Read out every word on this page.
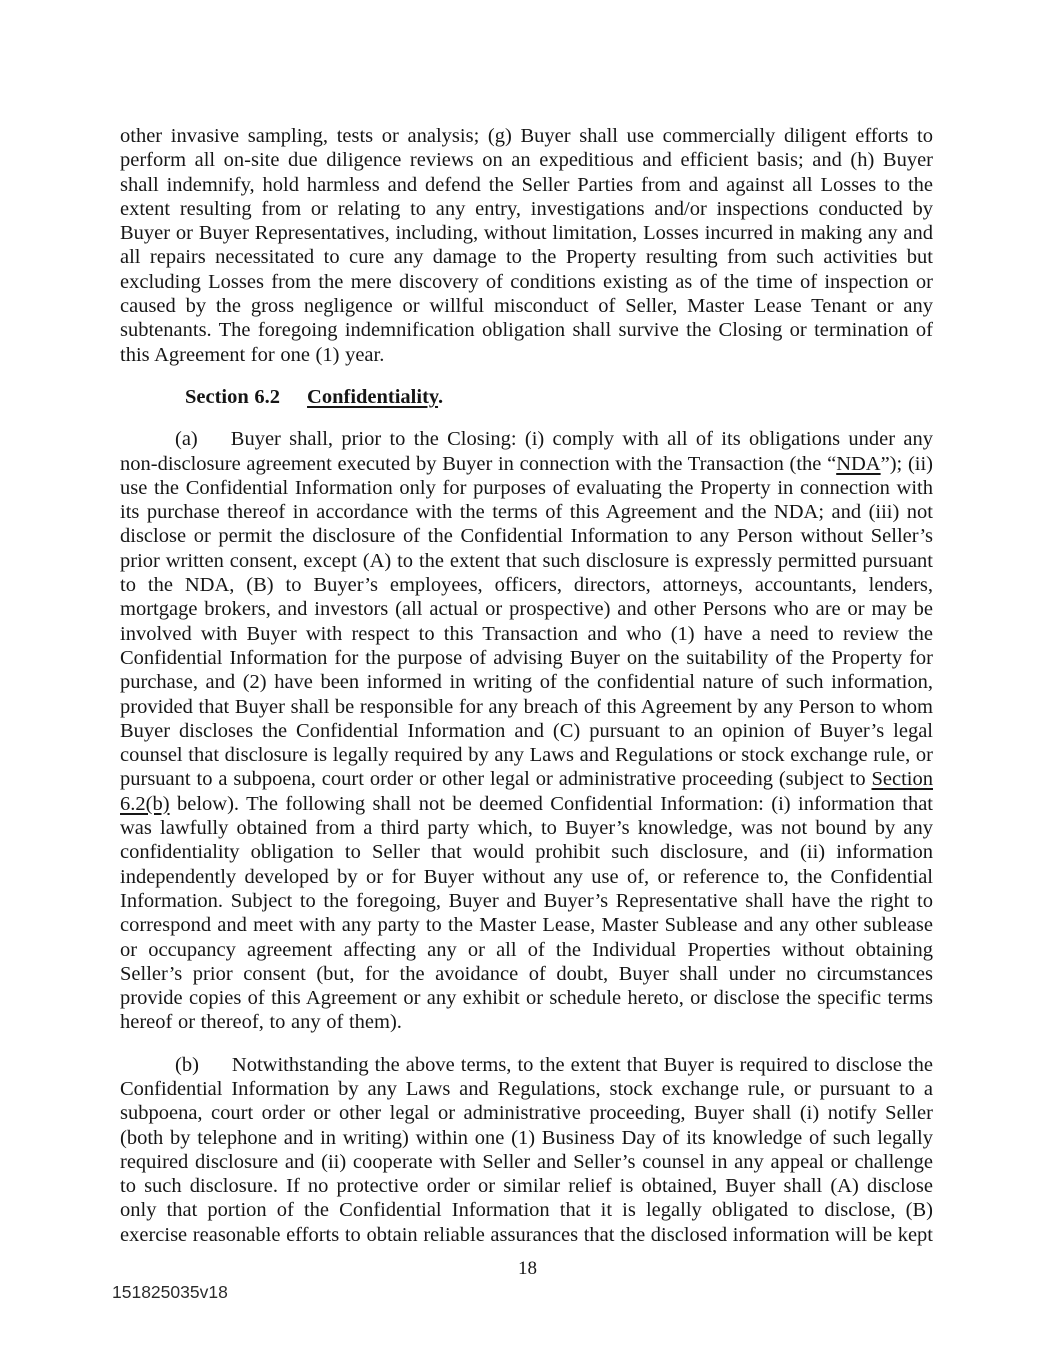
other invasive sampling, tests or analysis; (g) Buyer shall use commercially diligent efforts to perform all on-site due diligence reviews on an expeditious and efficient basis; and (h) Buyer shall indemnify, hold harmless and defend the Seller Parties from and against all Losses to the extent resulting from or relating to any entry, investigations and/or inspections conducted by Buyer or Buyer Representatives, including, without limitation, Losses incurred in making any and all repairs necessitated to cure any damage to the Property resulting from such activities but excluding Losses from the mere discovery of conditions existing as of the time of inspection or caused by the gross negligence or willful misconduct of Seller, Master Lease Tenant or any subtenants. The foregoing indemnification obligation shall survive the Closing or termination of this Agreement for one (1) year.

Section 6.2 Confidentiality.

(a) Buyer shall, prior to the Closing: (i) comply with all of its obligations under any non-disclosure agreement executed by Buyer in connection with the Transaction (the “NDA”); (ii) use the Confidential Information only for purposes of evaluating the Property in connection with its purchase thereof in accordance with the terms of this Agreement and the NDA; and (iii) not disclose or permit the disclosure of the Confidential Information to any Person without Seller’s prior written consent, except (A) to the extent that such disclosure is expressly permitted pursuant to the NDA, (B) to Buyer’s employees, officers, directors, attorneys, accountants, lenders, mortgage brokers, and investors (all actual or prospective) and other Persons who are or may be involved with Buyer with respect to this Transaction and who (1) have a need to review the Confidential Information for the purpose of advising Buyer on the suitability of the Property for purchase, and (2) have been informed in writing of the confidential nature of such information, provided that Buyer shall be responsible for any breach of this Agreement by any Person to whom Buyer discloses the Confidential Information and (C) pursuant to an opinion of Buyer’s legal counsel that disclosure is legally required by any Laws and Regulations or stock exchange rule, or pursuant to a subpoena, court order or other legal or administrative proceeding (subject to Section 6.2(b) below). The following shall not be deemed Confidential Information: (i) information that was lawfully obtained from a third party which, to Buyer’s knowledge, was not bound by any confidentiality obligation to Seller that would prohibit such disclosure, and (ii) information independently developed by or for Buyer without any use of, or reference to, the Confidential Information. Subject to the foregoing, Buyer and Buyer’s Representative shall have the right to correspond and meet with any party to the Master Lease, Master Sublease and any other sublease or occupancy agreement affecting any or all of the Individual Properties without obtaining Seller’s prior consent (but, for the avoidance of doubt, Buyer shall under no circumstances provide copies of this Agreement or any exhibit or schedule hereto, or disclose the specific terms hereof or thereof, to any of them).

(b) Notwithstanding the above terms, to the extent that Buyer is required to disclose the Confidential Information by any Laws and Regulations, stock exchange rule, or pursuant to a subpoena, court order or other legal or administrative proceeding, Buyer shall (i) notify Seller (both by telephone and in writing) within one (1) Business Day of its knowledge of such legally required disclosure and (ii) cooperate with Seller and Seller’s counsel in any appeal or challenge to such disclosure. If no protective order or similar relief is obtained, Buyer shall (A) disclose only that portion of the Confidential Information that it is legally obligated to disclose, (B) exercise reasonable efforts to obtain reliable assurances that the disclosed information will be kept

18
151825035v18
